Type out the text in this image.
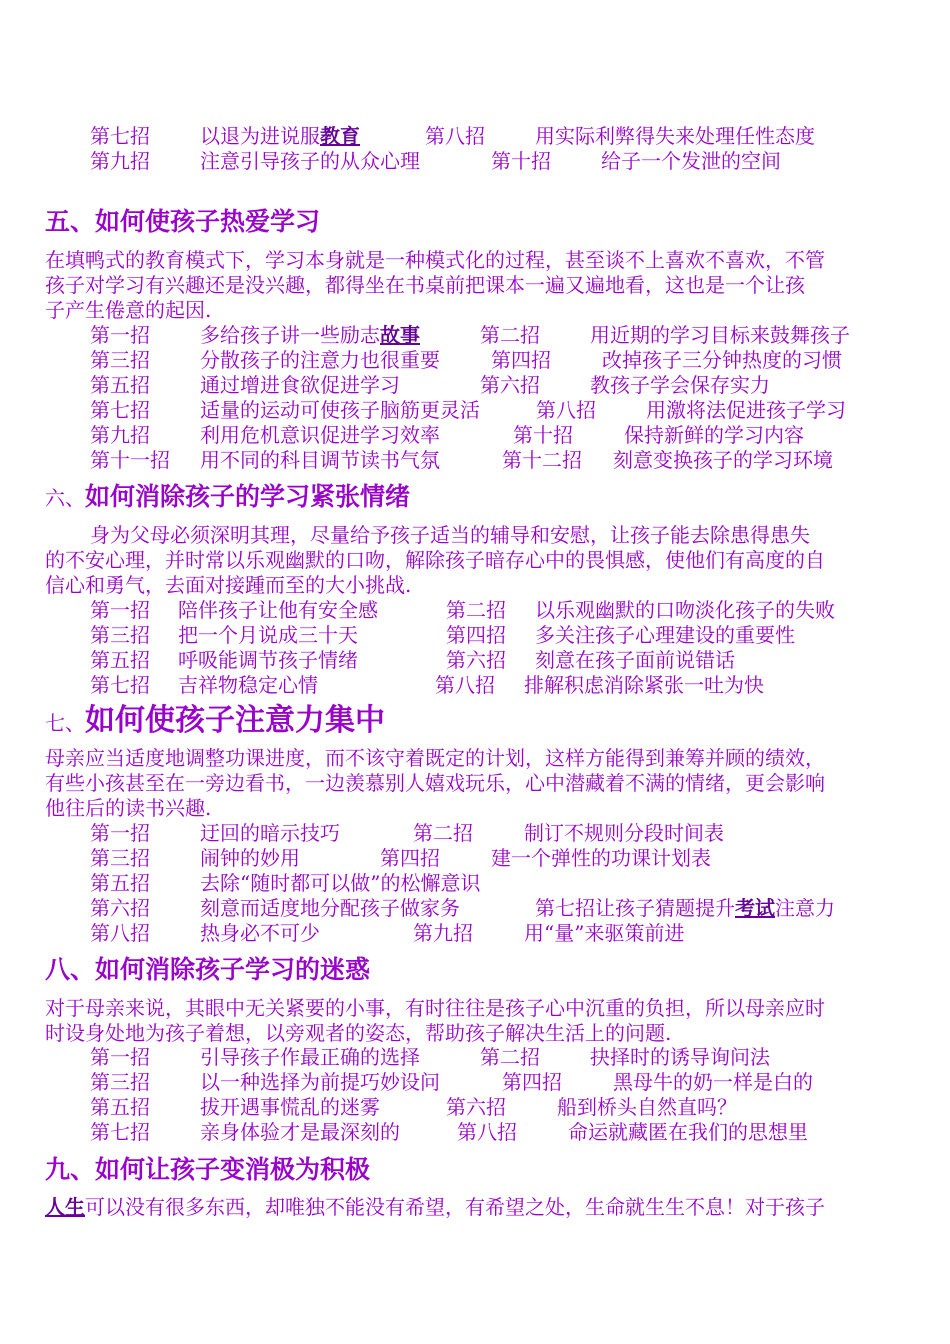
第七招	以退为进说服教育	第八招	用实际利弊得失来处理任性态度
第九招	注意引导孩子的从众心理	第十招	给子一个发泄的空间
五、如何使孩子热爱学习
在填鸭式的教育模式下，学习本身就是一种模式化的过程，甚至谈不上喜欢不喜欢，不管
孩子对学习有兴趣还是没兴趣，都得坐在书桌前把课本一遍又遍地看，这也是一个让孩
子产生倦意的起因.
第一招	多给孩子讲一些励志故事	第二招	用近期的学习目标来鼓舞孩子
第三招	分散孩子的注意力也很重要	第四招	改掉孩子三分钟热度的习惯
第五招	通过增进食欲促进学习	第六招	教孩子学会保存实力
第七招	适量的运动可使孩子脑筋更灵活	第八招	用激将法促进孩子学习
第九招	利用危机意识促进学习效率	第十招	保持新鲜的学习内容
第十一招 用不同的科目调节读书气氛	第十二招 刻意变换孩子的学习环境
六、如何消除孩子的学习紧张情绪
身为父母必须深明其理，尽量给予孩子适当的辅导和安慰，让孩子能去除患得患失
的不安心理，并时常以乐观幽默的口吻，解除孩子暗存心中的畏惧感，使他们有高度的自
信心和勇气，去面对接踵而至的大小挑战.
第一招 陪伴孩子让他有安全感	第二招 以乐观幽默的口吻淡化孩子的失败
第三招 把一个月说成三十天	第四招 多关注孩子心理建设的重要性
第五招 呼吸能调节孩子情绪	第六招 刻意在孩子面前说错话
第七招 吉祥物稳定心情	第八招 排解积虑消除紧张一吐为快
七、如何使孩子注意力集中
母亲应当适度地调整功课进度，而不该守着既定的计划，这样方能得到兼筹并顾的绩效，
有些小孩甚至在一旁边看书，一边羡慕别人嬉戏玩乐，心中潜藏着不满的情绪，更会影响
他往后的读书兴趣.
第一招	迂回的暗示技巧	第二招	制订不规则分段时间表
第三招	闹钟的妙用	第四招	建一个弹性的功课计划表
第五招	去除“随时都可以做”的松懈意识
第六招	刻意而适度地分配孩子做家务	第七招让孩子猜题提升考试注意力
第八招	热身必不可少	第九招	用“量”来驱策前进
八、如何消除孩子学习的迷惑
对于母亲来说，其眼中无关紧要的小事，有时往往是孩子心中沉重的负担，所以母亲应时
时设身处地为孩子着想，以旁观者的姿态，帮助孩子解决生活上的问题.
第一招	引导孩子作最正确的选择	第二招	抉择时的诱导询问法
第三招	以一种选择为前提巧妙设问	第四招	黑母牛的奶一样是白的
第五招	拔开遇事慌乱的迷雾	第六招	船到桥头自然直吗？
第七招	亲身体验才是最深刻的	第八招	命运就藏匿在我们的思想里
九、如何让孩子变消极为积极
人生可以没有很多东西，却唯独不能没有希望，有希望之处，生命就生生不息！对于孩子
